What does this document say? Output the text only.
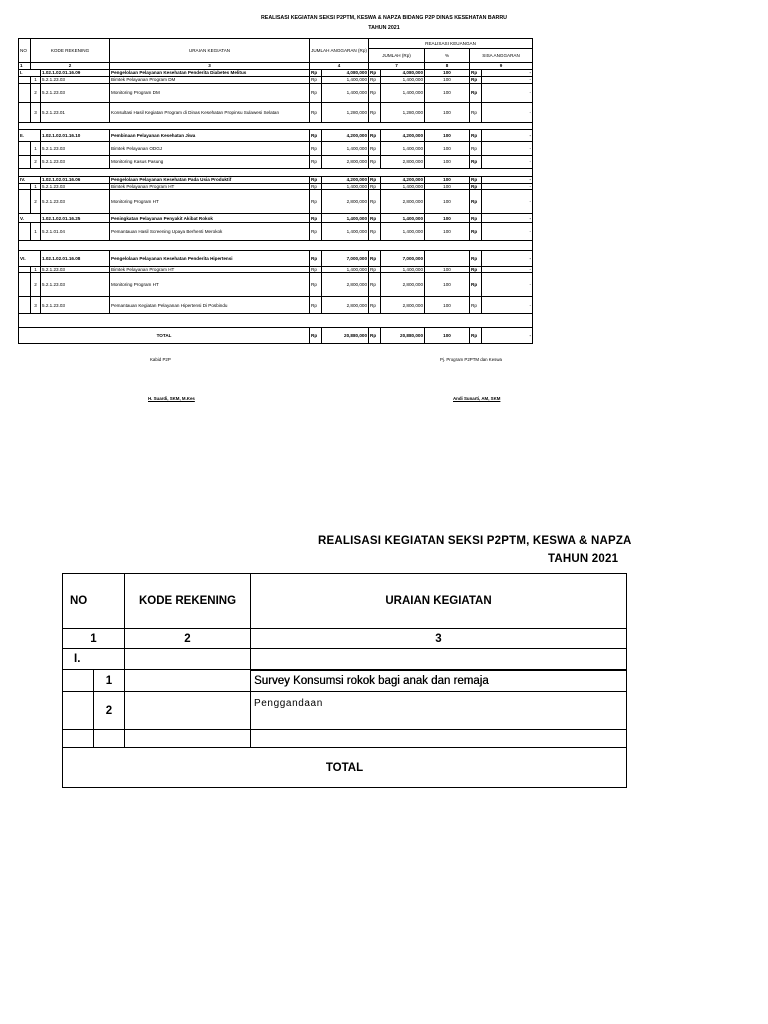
REALISASI KEGIATAN SEKSI P2PTM, KESWA & NAPZA BIDANG P2P DINAS KESEHATAN BARRU
TAHUN 2021
NO	KODE REKENING		URAIAN KEGIATAN	JUMLAH ANGGARAN (Rp)		REALISASI KEUANGAN				
						JUMLAH (Rp)		%	SISA ANGGARAN	
1	2		3	4		7		8	9	
I.		1.02.1.02.01.16.09	Pengelolaan Pelayanan Kesehatan Penderita Diabetes Melitus	Rp	4,080,000	Rp	4,080,000	100	Rp	-
	1	5.2.1.23.03	Bimtek Pelayanan Program DM	Rp	1,400,000	Rp	1,400,000	100	Rp	-
	2	5.2.1.23.03	Monitoring Program DM	Rp	1,400,000	Rp	1,400,000	100	Rp	-
	3	5.2.1.23.01	Konsultasi Hasil Kegiatan Program di Dinas Kesehatan Propinsu Sulawesi Selatan	Rp	1,280,000	Rp	1,280,000	100	Rp	-

II.		1.02.1.02.01.16.10	Pembinaan Pelayanan Kesehatan Jiwa	Rp	4,200,000	Rp	4,200,000	100	Rp	-
	1	5.2.1.23.03	Bimtek Pelayanan ODGJ	Rp	1,400,000	Rp	1,400,000	100	Rp	-
	2	5.2.1.23.03	Monitoring Kasus Pasung	Rp	2,800,000	Rp	2,800,000	100	Rp	-

IV.		1.02.1.02.01.16.06	Pengelolaan Pelayanan Kesehatan Pada Usia Produktif	Rp	4,200,000	Rp	4,200,000	100	Rp	-
	1	5.2.1.23.03	Bimtek Pelayanan Program HT	Rp	1,400,000	Rp	1,400,000	100	Rp	-
	2	5.2.1.23.03	Monitoring Program HT	Rp	2,800,000	Rp	2,800,000	100	Rp	-
V.		1.02.1.02.01.16.25	Peningkatan Pelayanan Penyakit Akibat Rokok	Rp	1,400,000	Rp	1,400,000	100	Rp	-
	1	5.2.1.01.04	Pemantauan Hasil Screening Upaya Berhenti Merokok	Rp	1,400,000	Rp	1,400,000	100	Rp	-

VI.		1.02.1.02.01.16.08	Pengelolaan Pelayanan Kesehatan Penderita Hipertensi	Rp	7,000,000	Rp	7,000,000		Rp	-
	1	5.2.1.23.03	Bimtek Pelayanan Program HT	Rp	1,400,000	Rp	1,400,000	100	Rp	-
	2	5.2.1.23.03	Monitoring Program HT	Rp	2,800,000	Rp	2,800,000	100	Rp	-
	3	5.2.1.23.03	Pemantauan Kegiatan Pelayanan Hipertensi Di Posbindu	Rp	2,800,000	Rp	2,800,000	100	Rp	-

TOTAL				Rp	20,880,000	Rp	20,880,000	100	Rp	-
Kabid P2P	Pj. Program P2PTM dan Keswa
H. Suardi, SKM, M.Kes	Andi Sunarti, AM, SKM
REALISASI KEGIATAN SEKSI P2PTM, KESWA & NAPZA
TAHUN 2021
NO		KODE REKENING	URAIAN KEGIATAN
1		2	3
I.			
	1		Survey Konsumsi rokok bagi anak dan remaja
	2		Penggandaan

TOTAL			
